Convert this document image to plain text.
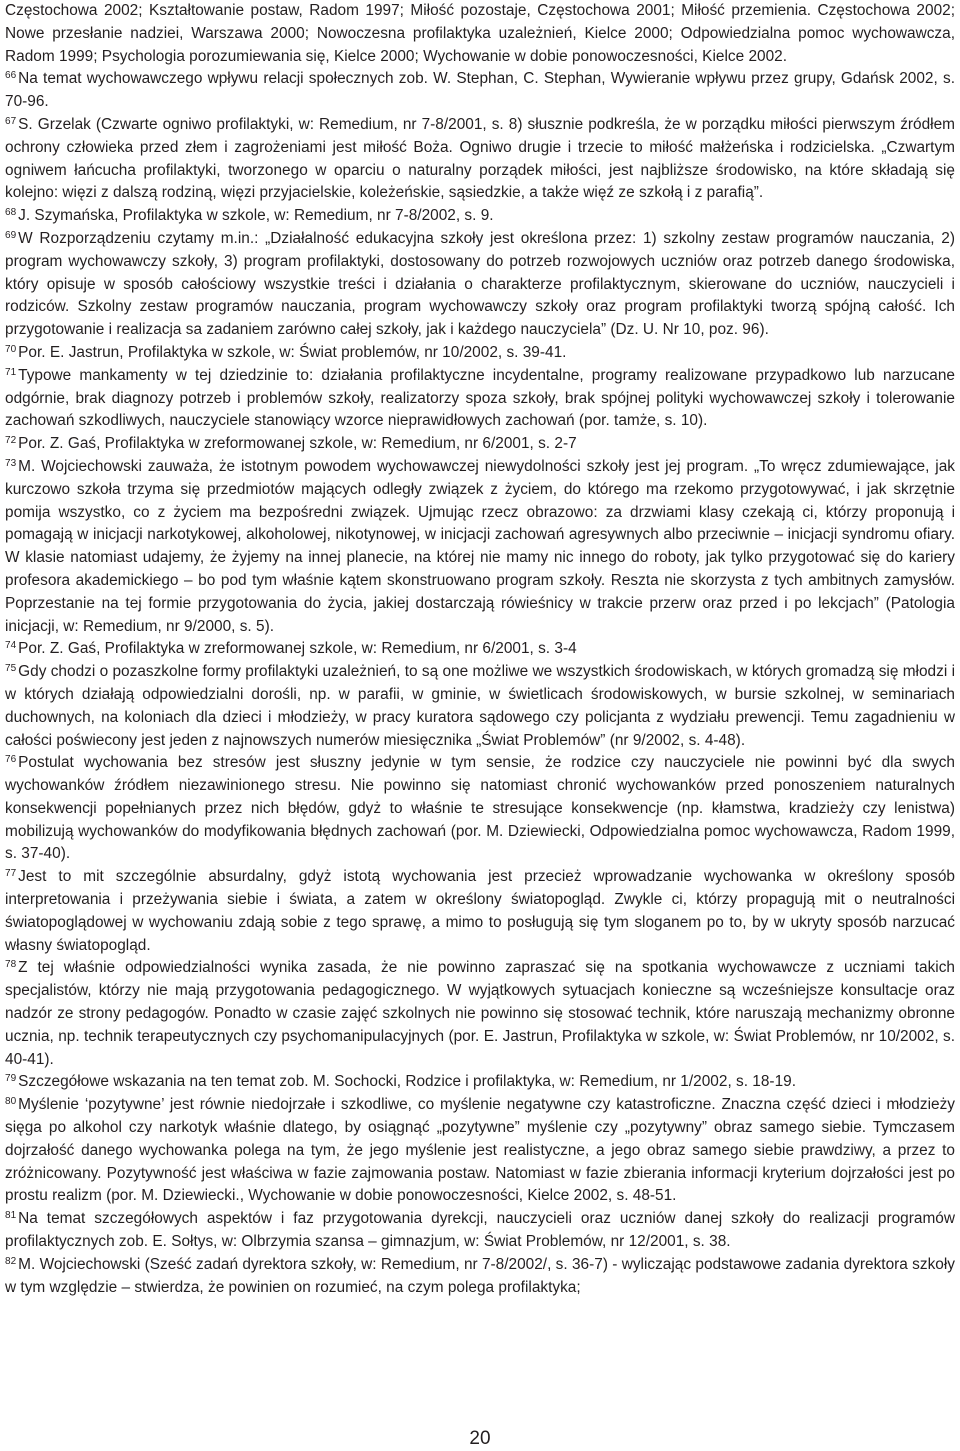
Częstochowa 2002; Kształtowanie postaw, Radom 1997; Miłość pozostaje, Częstochowa 2001; Miłość przemienia. Częstochowa 2002; Nowe przesłanie nadziei, Warszawa 2000; Nowoczesna profilaktyka uzależnień, Kielce 2000; Odpowiedzialna pomoc wychowawcza, Radom 1999; Psychologia porozumiewania się, Kielce 2000; Wychowanie w dobie ponowoczesności, Kielce 2002.

$^{66}$ Na temat wychowawczego wpływu relacji społecznych zob. W. Stephan, C. Stephan, Wywieranie wpływu przez grupy, Gdańsk 2002, s. 70-96.

$^{67}$ S. Grzelak (Czwarte ogniwo profilaktyki, w: Remedium, nr 7-8/2001, s. 8) słusznie podkreśla, że w porządku miłości pierwszym źródłem ochrony człowieka przed złem i zagrożeniami jest miłość Boża. Ogniwo drugie i trzecie to miłość małżeńska i rodzicielska. „Czwartym ogniwem łańcucha profilaktyki, tworzonego w oparciu o naturalny porządek miłości, jest najbliższe środowisko, na które składają się kolejno: więzi z dalszą rodziną, więzi przyjacielskie, koleżeńskie, sąsiedzkie, a także więź ze szkołą i z parafią”.

$^{68}$ J. Szymańska, Profilaktyka w szkole, w: Remedium, nr 7-8/2002, s. 9.

$^{69}$ W Rozporządzeniu czytamy m.in.: „Działalność edukacyjna szkoły jest określona przez: 1) szkolny zestaw programów nauczania, 2) program wychowawczy szkoły, 3) program profilaktyki, dostosowany do potrzeb rozwojowych uczniów oraz potrzeb danego środowiska, który opisuje w sposób całościowy wszystkie treści i działania o charakterze profilaktycznym, skierowane do uczniów, nauczycieli i rodziców. Szkolny zestaw programów nauczania, program wychowawczy szkoły oraz program profilaktyki tworzą spójną całość. Ich przygotowanie i realizacja sa zadaniem zarówno całej szkoły, jak i każdego nauczyciela” (Dz. U. Nr 10, poz. 96).

$^{70}$ Por. E. Jastrun, Profilaktyka w szkole, w: Świat problemów, nr 10/2002, s. 39-41.

$^{71}$ Typowe mankamenty w tej dziedzinie to: działania profilaktyczne incydentalne, programy realizowane przypadkowo lub narzucane odgórnie, brak diagnozy potrzeb i problemów szkoły, realizatorzy spoza szkoły, brak spójnej polityki wychowawczej szkoły i tolerowanie zachowań szkodliwych, nauczyciele stanowiący wzorce nieprawidłowych zachowań (por. tamże, s. 10).

$^{72}$ Por. Z. Gaś, Profilaktyka w zreformowanej szkole, w: Remedium, nr 6/2001, s. 2-7

$^{73}$ M. Wojciechowski zauważa, że istotnym powodem wychowawczej niewydolności szkoły jest jej program. „To wręcz zdumiewające, jak kurczowo szkoła trzyma się przedmiotów mających odległy związek z życiem, do którego ma rzekomo przygotowywać, i jak skrzętnie pomija wszystko, co z życiem ma bezpośredni związek. Ujmując rzecz obrazowo: za drzwiami klasy czekają ci, którzy proponują i pomagają w inicjacji narkotykowej, alkoholowej, nikotynowej, w inicjacji zachowań agresywnych albo przeciwnie – inicjacji syndromu ofiary. W klasie natomiast udajemy, że żyjemy na innej planecie, na której nie mamy nic innego do roboty, jak tylko przygotować się do kariery profesora akademickiego – bo pod tym właśnie kątem skonstruowano program szkoły. Reszta nie skorzysta z tych ambitnych zamysłów. Poprzestanie na tej formie przygotowania do życia, jakiej dostarczają rówieśnicy w trakcie przerw oraz przed i po lekcjach” (Patologia inicjacji, w: Remedium, nr 9/2000, s. 5).

$^{74}$ Por. Z. Gaś, Profilaktyka w zreformowanej szkole, w: Remedium, nr 6/2001, s. 3-4

$^{75}$ Gdy chodzi o pozaszkolne formy profilaktyki uzależnień, to są one możliwe we wszystkich środowiskach, w których gromadzą się młodzi i w których działają odpowiedzialni dorośli, np. w parafii, w gminie, w świetlicach środowiskowych, w bursie szkolnej, w seminariach duchownych, na koloniach dla dzieci i młodzieży, w pracy kuratora sądowego czy policjanta z wydziału prewencji. Temu zagadnieniu w całości poświecony jest jeden z najnowszych numerów miesięcznika „Świat Problemów” (nr 9/2002, s. 4-48).

$^{76}$ Postulat wychowania bez stresów jest słuszny jedynie w tym sensie, że rodzice czy nauczyciele nie powinni być dla swych wychowanków źródłem niezawinionego stresu. Nie powinno się natomiast chronić wychowanków przed ponoszeniem naturalnych konsekwencji popełnianych przez nich błędów, gdyż to właśnie te stresujące konsekwencje (np. kłamstwa, kradzieży czy lenistwa) mobilizują wychowanków do modyfikowania błędnych zachowań (por. M. Dziewiecki, Odpowiedzialna pomoc wychowawcza, Radom 1999, s. 37-40).

$^{77}$ Jest to mit szczególnie absurdalny, gdyż istotą wychowania jest przecież wprowadzanie wychowanka w określony sposób interpretowania i przeżywania siebie i świata, a zatem w określony światopogląd. Zwykle ci, którzy propagują mit o neutralności światopoglądowej w wychowaniu zdają sobie z tego sprawę, a mimo to posługują się tym sloganem po to, by w ukryty sposób narzucać własny światopogląd.

$^{78}$ Z tej właśnie odpowiedzialności wynika zasada, że nie powinno zapraszać się na spotkania wychowawcze z uczniami takich specjalistów, którzy nie mają przygotowania pedagogicznego. W wyjątkowych sytuacjach konieczne są wcześniejsze konsultacje oraz nadzór ze strony pedagogów. Ponadto w czasie zajęć szkolnych nie powinno się stosować technik, które naruszają mechanizmy obronne ucznia, np. technik terapeutycznych czy psychomanipulacyjnych (por. E. Jastrun, Profilaktyka w szkole, w: Świat Problemów, nr 10/2002, s. 40-41).

$^{79}$ Szczegółowe wskazania na ten temat zob. M. Sochocki, Rodzice i profilaktyka, w: Remedium, nr 1/2002, s. 18-19.

$^{80}$ Myślenie ‘pozytywne’ jest równie niedojrzałe i szkodliwe, co myślenie negatywne czy katastroficzne. Znaczna część dzieci i młodzieży sięga po alkohol czy narkotyk właśnie dlatego, by osiągnąć „pozytywne” myślenie czy „pozytywny” obraz samego siebie. Tymczasem dojrzałość danego wychowanka polega na tym, że jego myślenie jest realistyczne, a jego obraz samego siebie prawdziwy, a przez to zróżnicowany. Pozytywność jest właściwa w fazie zajmowania postaw. Natomiast w fazie zbierania informacji kryterium dojrzałości jest po prostu realizm (por. M. Dziewiecki., Wychowanie w dobie ponowoczesności, Kielce 2002, s. 48-51.

$^{81}$ Na temat szczegółowych aspektów i faz przygotowania dyrekcji, nauczycieli oraz uczniów danej szkoły do realizacji programów profilaktycznych zob. E. Sołtys, w: Olbrzymia szansa – gimnazjum, w: Świat Problemów, nr 12/2001, s. 38.

$^{82}$ M. Wojciechowski (Sześć zadań dyrektora szkoły, w: Remedium, nr 7-8/2002/, s. 36-7) - wyliczając podstawowe zadania dyrektora szkoły w tym względzie – stwierdza, że powinien on rozumieć, na czym polega profilaktyka;

20
